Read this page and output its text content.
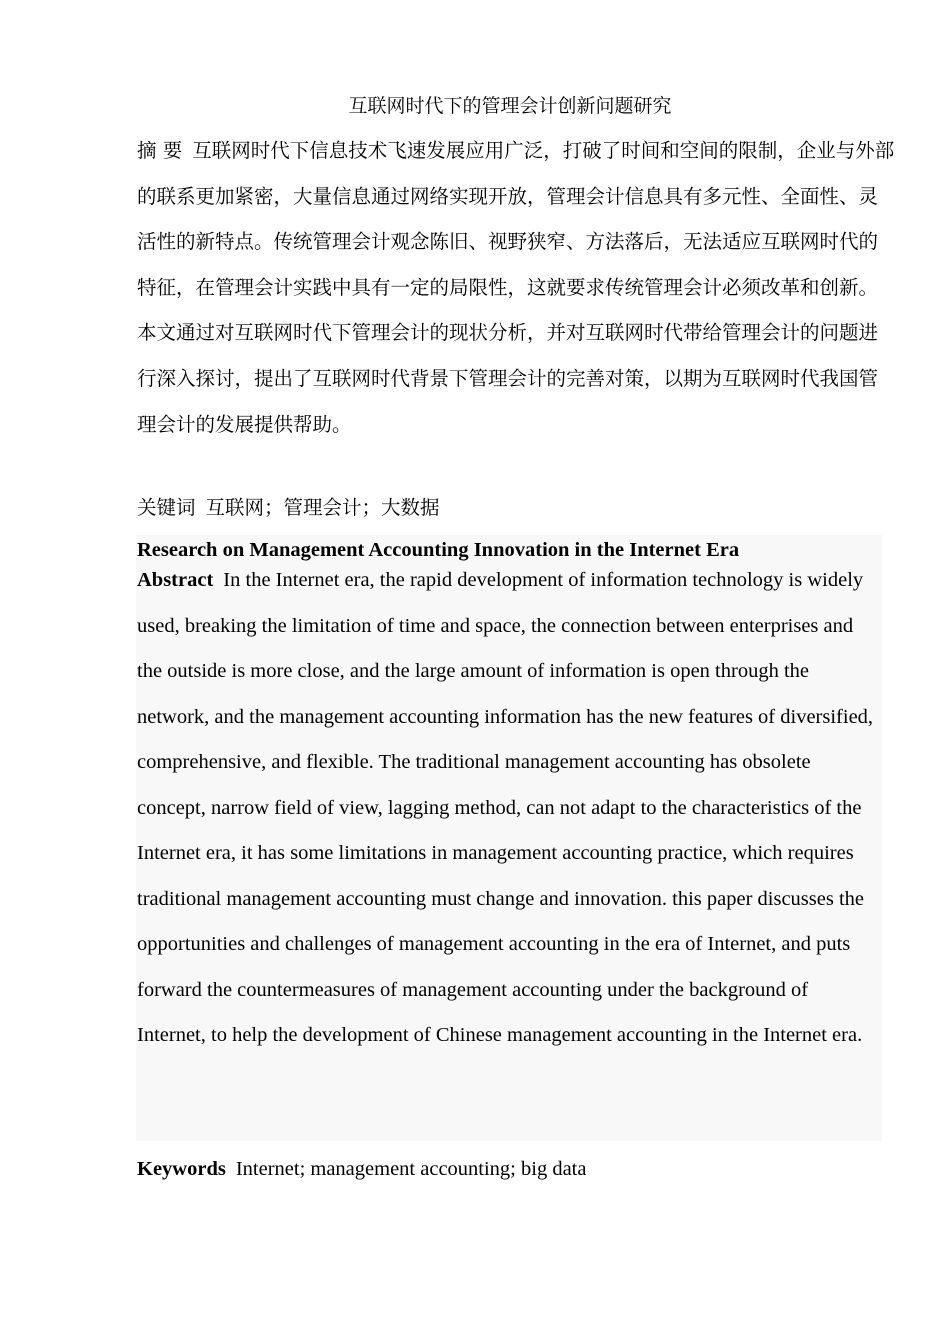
互联网时代下的管理会计创新问题研究
摘 要 互联网时代下信息技术飞速发展应用广泛，打破了时间和空间的限制，企业与外部的联系更加紧密，大量信息通过网络实现开放，管理会计信息具有多元性、全面性、灵活性的新特点。传统管理会计观念陈旧、视野狭窄、方法落后，无法适应互联网时代的特征，在管理会计实践中具有一定的局限性，这就要求传统管理会计必须改革和创新。本文通过对互联网时代下管理会计的现状分析，并对互联网时代带给管理会计的问题进行深入探讨，提出了互联网时代背景下管理会计的完善对策，以期为互联网时代我国管理会计的发展提供帮助。
关键词 互联网；管理会计；大数据
Research on Management Accounting Innovation in the Internet Era
Abstract In the Internet era, the rapid development of information technology is widely used, breaking the limitation of time and space, the connection between enterprises and the outside is more close, and the large amount of information is open through the network, and the management accounting information has the new features of diversified, comprehensive, and flexible. The traditional management accounting has obsolete concept, narrow field of view, lagging method, can not adapt to the characteristics of the Internet era, it has some limitations in management accounting practice, which requires traditional management accounting must change and innovation. this paper discusses the opportunities and challenges of management accounting in the era of Internet, and puts forward the countermeasures of management accounting under the background of Internet, to help the development of Chinese management accounting in the Internet era.
Keywords Internet; management accounting; big data
